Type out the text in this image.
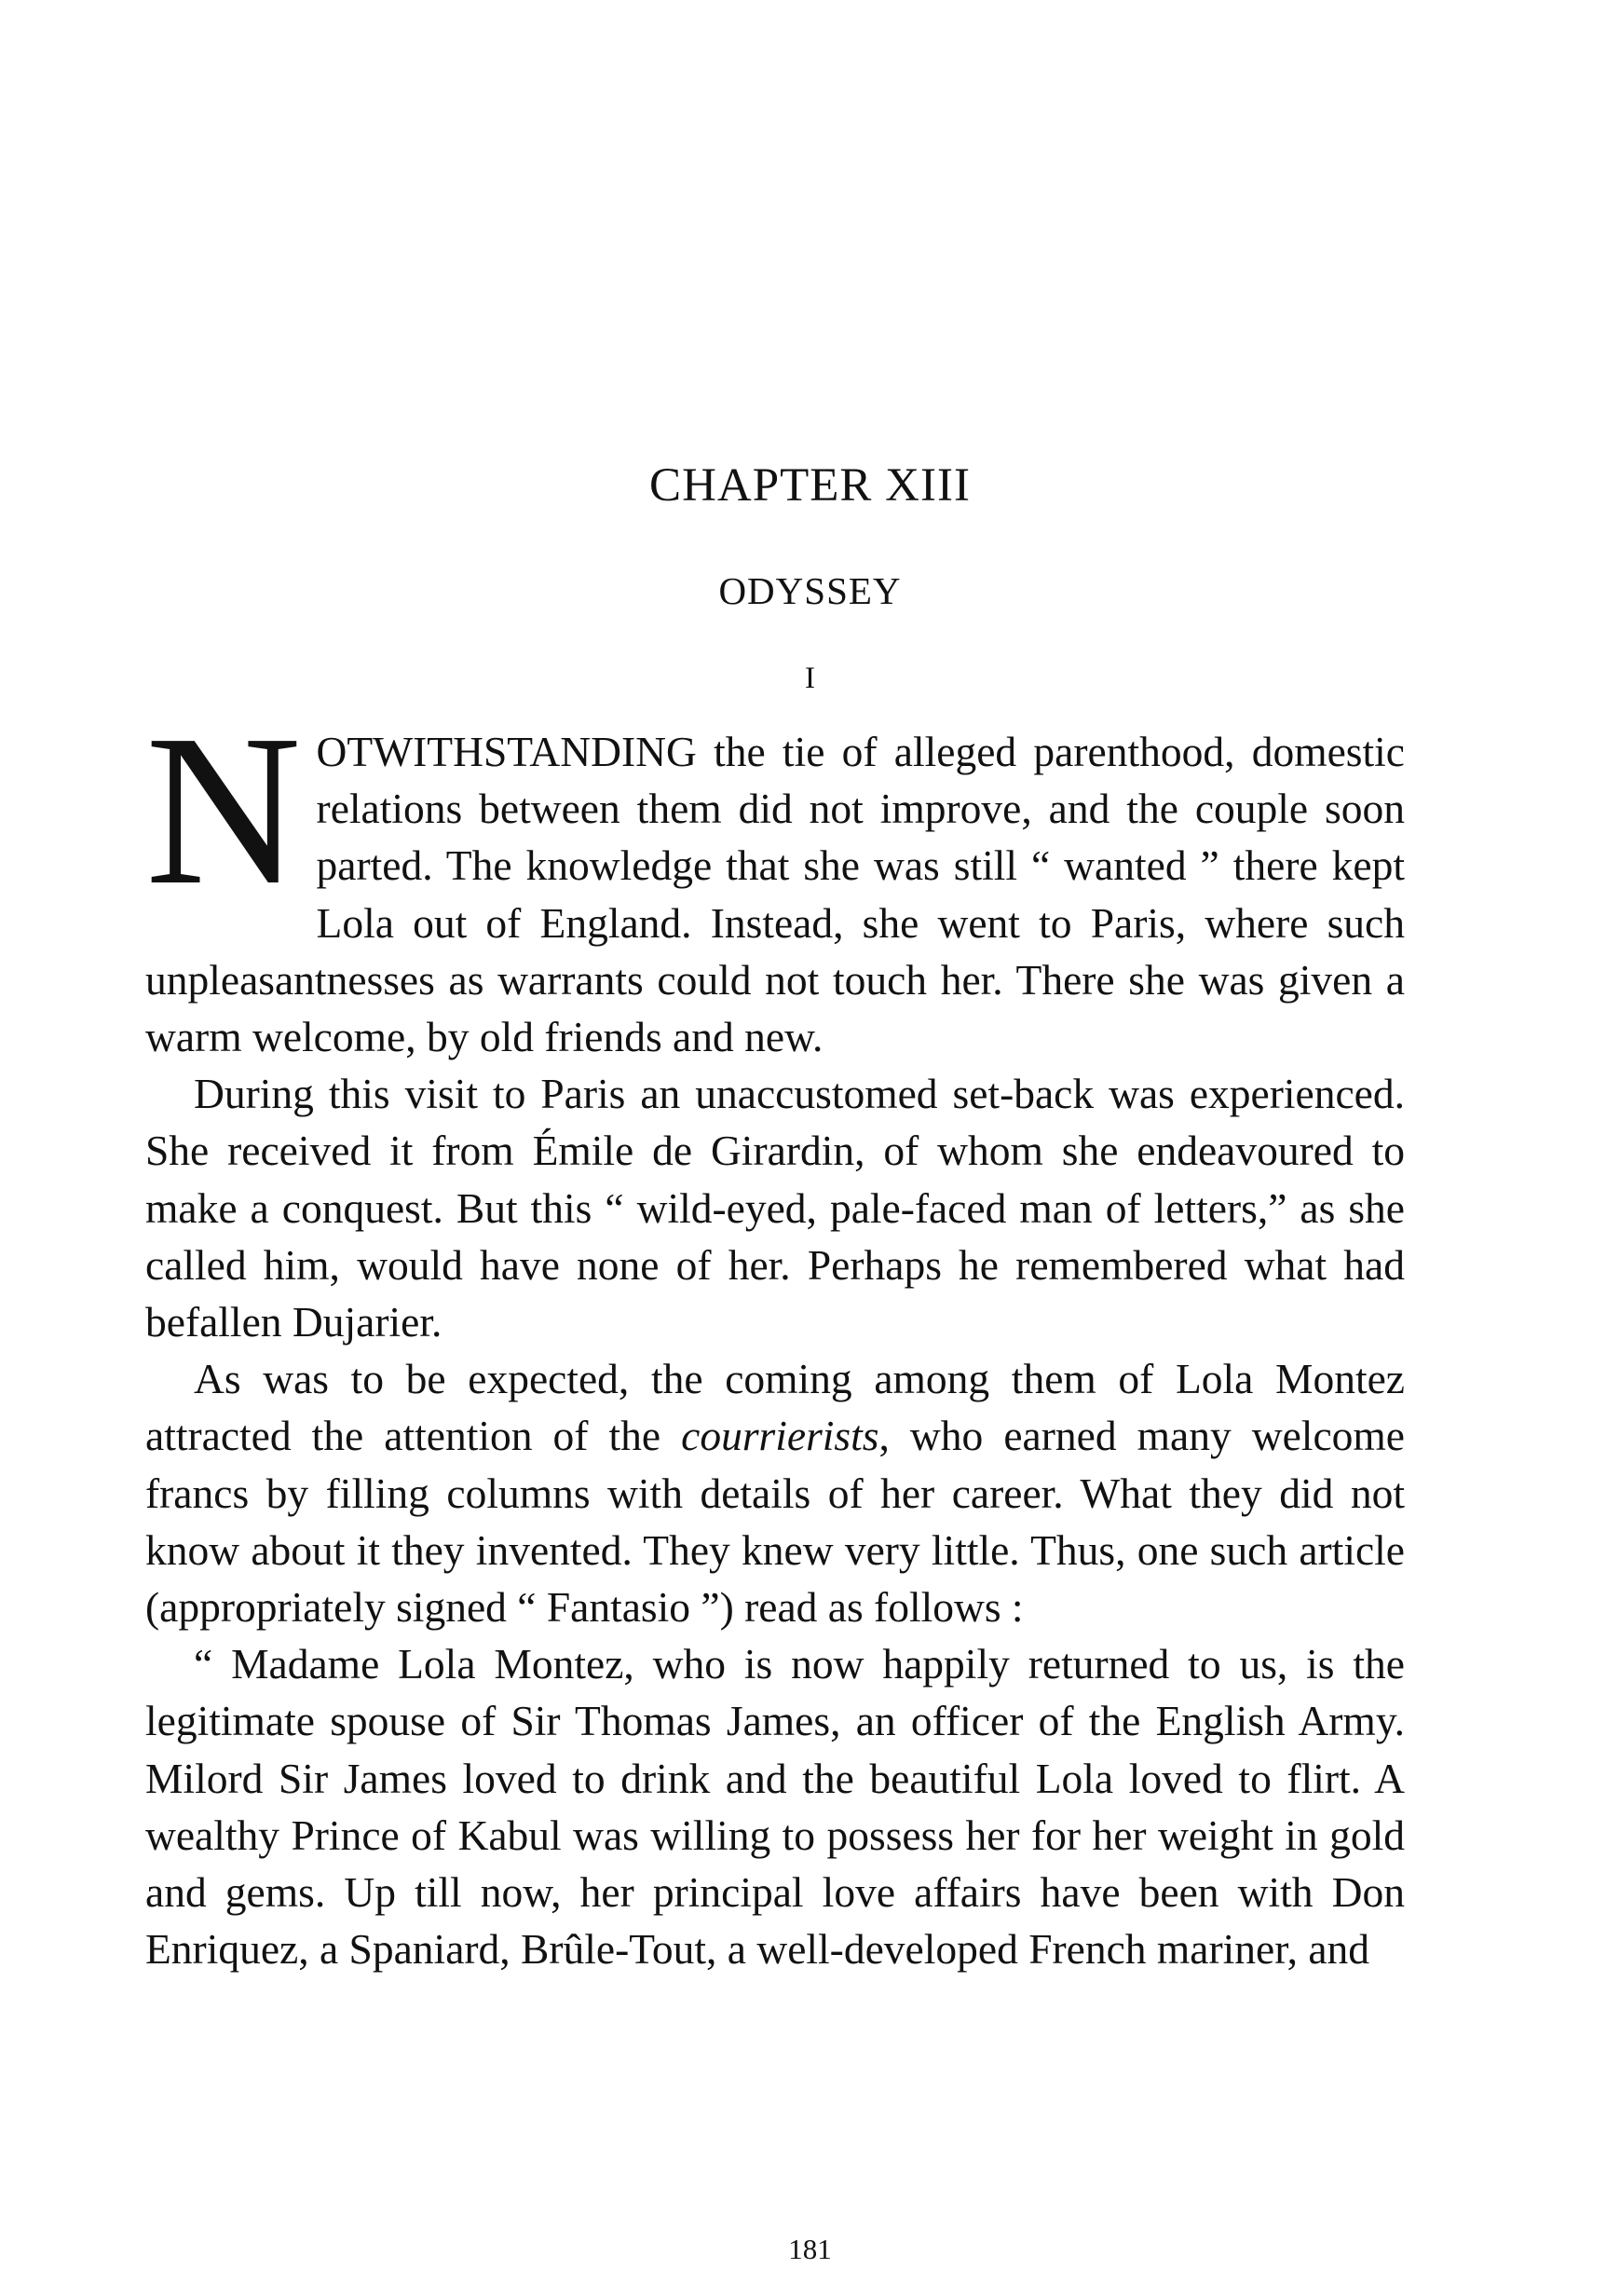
CHAPTER XIII
ODYSSEY
I

NOTWITHSTANDING the tie of alleged parenthood, domestic relations between them did not improve, and the couple soon parted. The knowledge that she was still “ wanted ” there kept Lola out of England. Instead, she went to Paris, where such unpleasantnesses as warrants could not touch her. There she was given a warm welcome, by old friends and new.

During this visit to Paris an unaccustomed set-back was experienced. She received it from Émile de Girardin, of whom she endeavoured to make a conquest. But this “ wild-eyed, pale-faced man of letters,” as she called him, would have none of her. Perhaps he remembered what had befallen Dujarier.

As was to be expected, the coming among them of Lola Montez attracted the attention of the courrierists, who earned many welcome francs by filling columns with details of her career. What they did not know about it they invented. They knew very little. Thus, one such article (appropriately signed “ Fantasio ”) read as follows :

“ Madame Lola Montez, who is now happily returned to us, is the legitimate spouse of Sir Thomas James, an officer of the English Army. Milord Sir James loved to drink and the beautiful Lola loved to flirt. A wealthy Prince of Kabul was willing to possess her for her weight in gold and gems. Up till now, her principal love affairs have been with Don Enriquez, a Spaniard, Brûle-Tout, a well-developed French mariner, and

181
